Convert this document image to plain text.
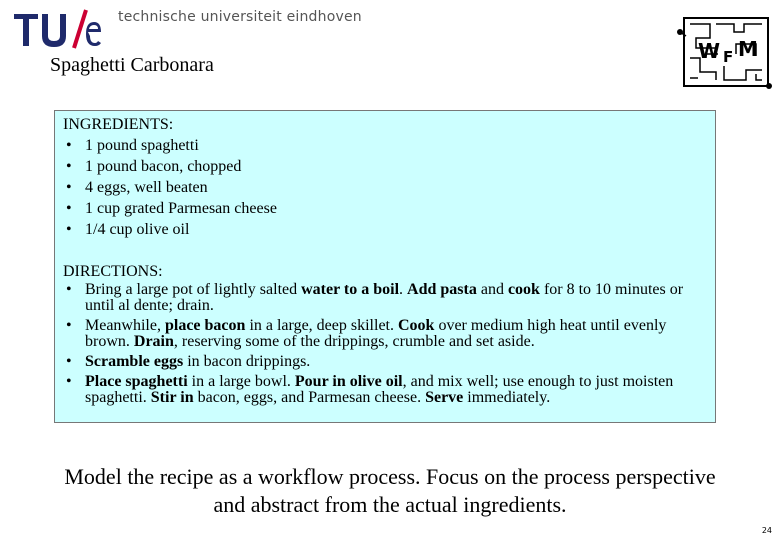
technische universiteit eindhoven
W F M
Spaghetti Carbonara
INGREDIENTS:
• 1 pound spaghetti
• 1 pound bacon, chopped
• 4 eggs, well beaten
• 1 cup grated Parmesan cheese
• 1/4 cup olive oil
DIRECTIONS:
• Bring a large pot of lightly salted water to a boil. Add pasta and cook for 8 to 10 minutes or until al dente; drain.
• Meanwhile, place bacon in a large, deep skillet. Cook over medium high heat until evenly brown. Drain, reserving some of the drippings, crumble and set aside.
• Scramble eggs in bacon drippings.
• Place spaghetti in a large bowl. Pour in olive oil, and mix well; use enough to just moisten spaghetti. Stir in bacon, eggs, and Parmesan cheese. Serve immediately.
Model the recipe as a workflow process. Focus on the process perspective
and abstract from the actual ingredients.
24
